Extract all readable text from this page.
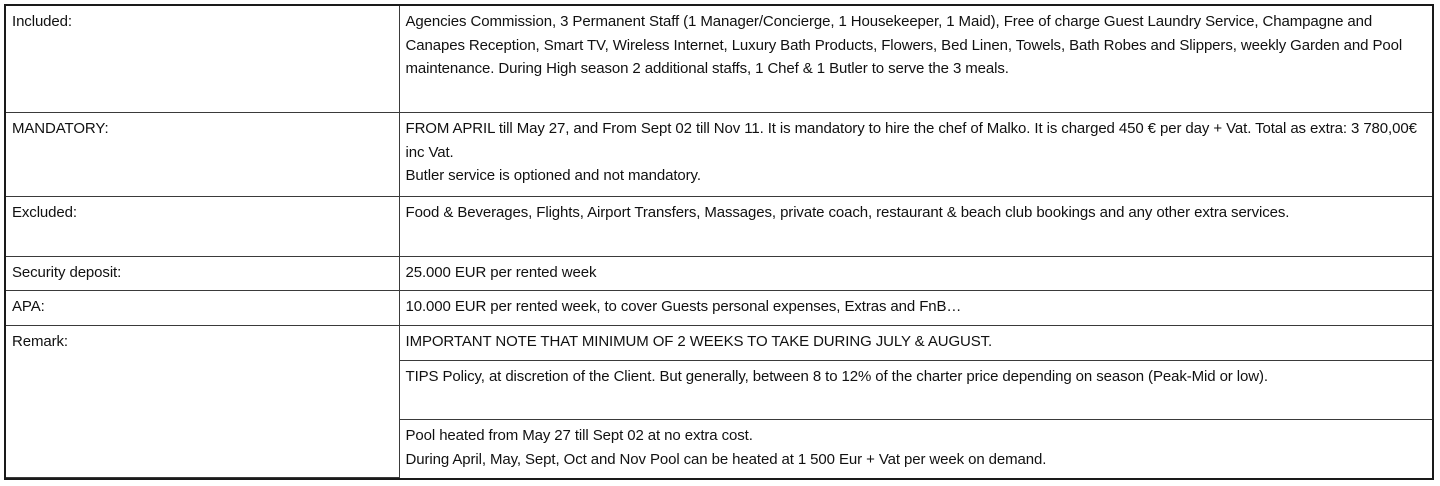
Included:	Agencies Commission, 3 Permanent Staff (1 Manager/Concierge, 1 Housekeeper, 1 Maid), Free of charge Guest Laundry Service, Champagne and Canapes Reception, Smart TV, Wireless Internet, Luxury Bath Products, Flowers, Bed Linen, Towels, Bath Robes and Slippers, weekly Garden and Pool maintenance. During High season 2 additional staffs, 1 Chef & 1 Butler to serve the 3 meals.
MANDATORY:	FROM APRIL till May 27, and From Sept 02 till Nov 11. It is mandatory to hire the chef of Malko. It is charged 450 € per day + Vat. Total as extra: 3 780,00€ inc Vat.
Butler service is optioned and not mandatory.

Excluded:	Food & Beverages, Flights, Airport Transfers, Massages, private coach, restaurant & beach club bookings and any other extra services.
Security deposit:	25.000 EUR per rented week
APA:	10.000 EUR per rented week, to cover Guests personal expenses, Extras and FnB…
Remark:	IMPORTANT NOTE THAT MINIMUM OF 2 WEEKS TO TAKE DURING JULY & AUGUST.
	TIPS Policy, at discretion of the Client. But generally, between 8 to 12% of the charter price depending on season (Peak-Mid or low).

	Pool heated from May 27 till Sept 02 at no extra cost.
During April, May, Sept, Oct and Nov Pool can be heated at 1 500 Eur + Vat per week on demand.
